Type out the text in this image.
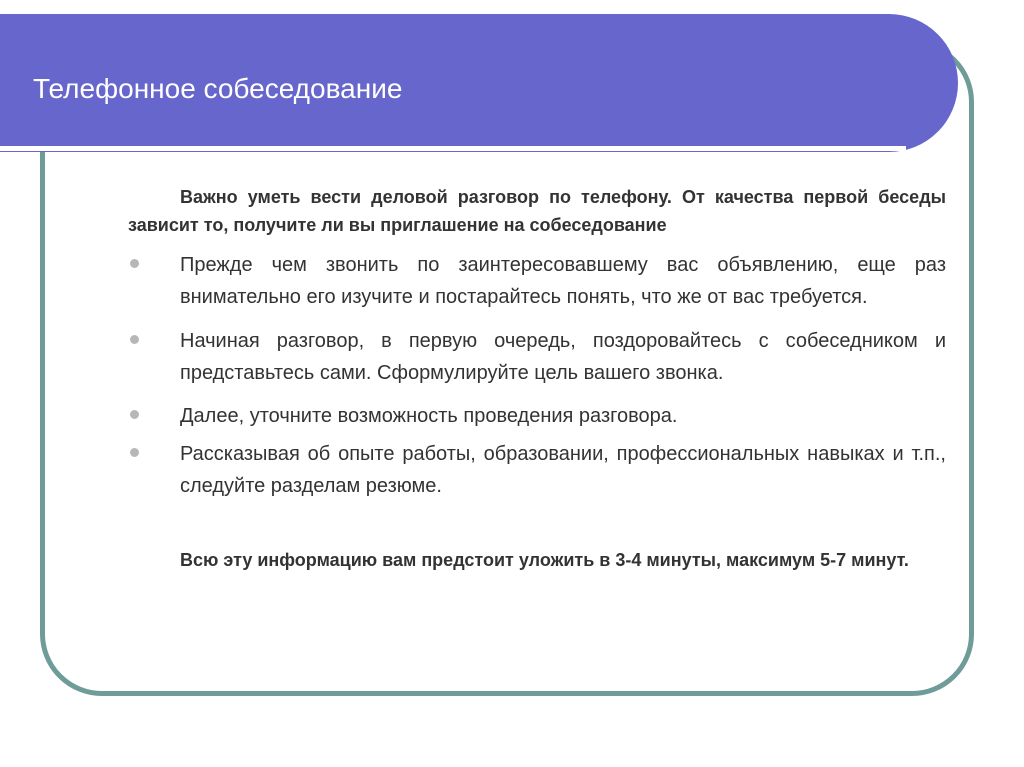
Телефонное собеседование

Важно уметь вести деловой разговор по телефону. От качества первой беседы зависит то, получите ли вы приглашение на собеседование

Прежде чем звонить по заинтересовавшему вас объявлению, еще раз внимательно его изучите и постарайтесь понять, что же от вас требуется.
Начиная разговор, в первую очередь, поздоровайтесь с собеседником и представьтесь сами. Сформулируйте цель вашего звонка.
Далее, уточните возможность проведения разговора.
Рассказывая об опыте работы, образовании, профессиональных навыках и т.п., следуйте разделам резюме.

Всю эту информацию вам предстоит уложить в 3-4 минуты, максимум 5-7 минут.
